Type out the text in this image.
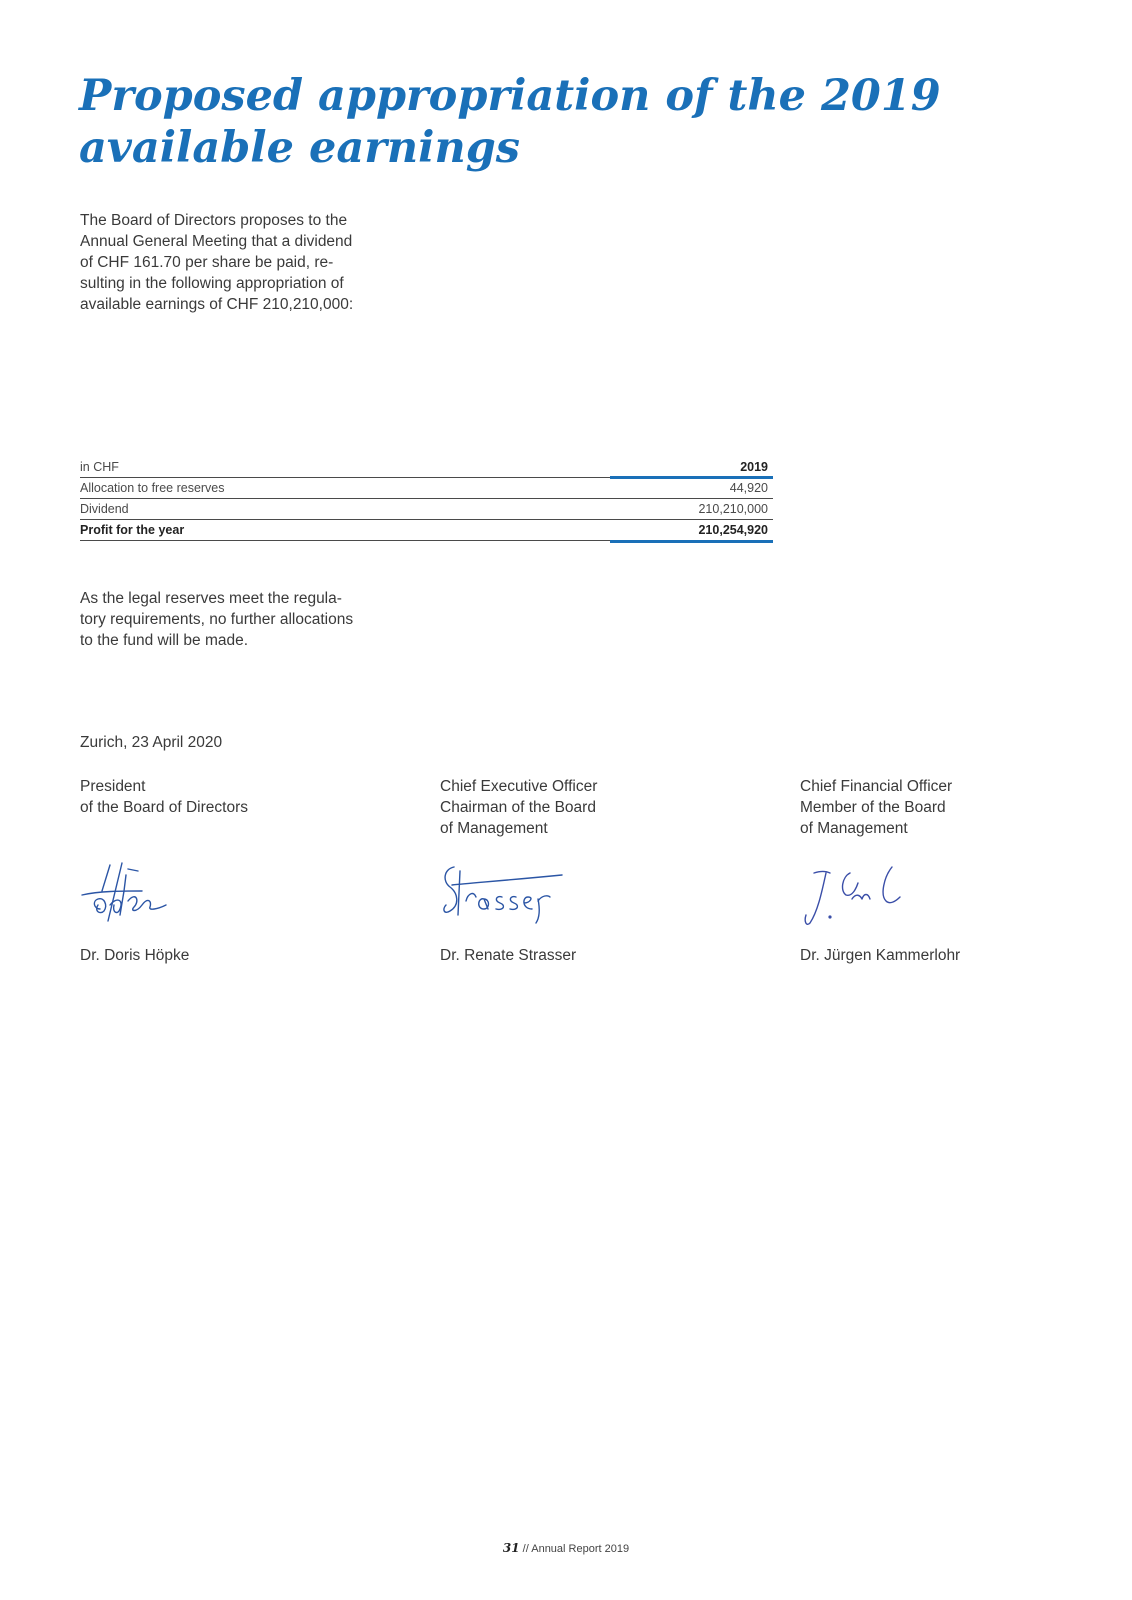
Proposed appropriation of the 2019
available earnings

The Board of Directors proposes to the
Annual General Meeting that a dividend
of CHF 161.70 per share be paid, re-
sulting in the following appropriation of
available earnings of CHF 210,210,000:

in CHF	2019
Allocation to free reserves	44,920
Dividend	210,210,000
Profit for the year	210,254,920

As the legal reserves meet the regula-
tory requirements, no further allocations
to the fund will be made.

Zurich, 23 April 2020
President
of the Board of Directors
Dr. Doris Höpke
Chief Executive Officer
Chairman of the Board
of Management
Dr. Renate Strasser
Chief Financial Officer
Member of the Board
of Management
Dr. Jürgen Kammerlohr
31 // Annual Report 2019
